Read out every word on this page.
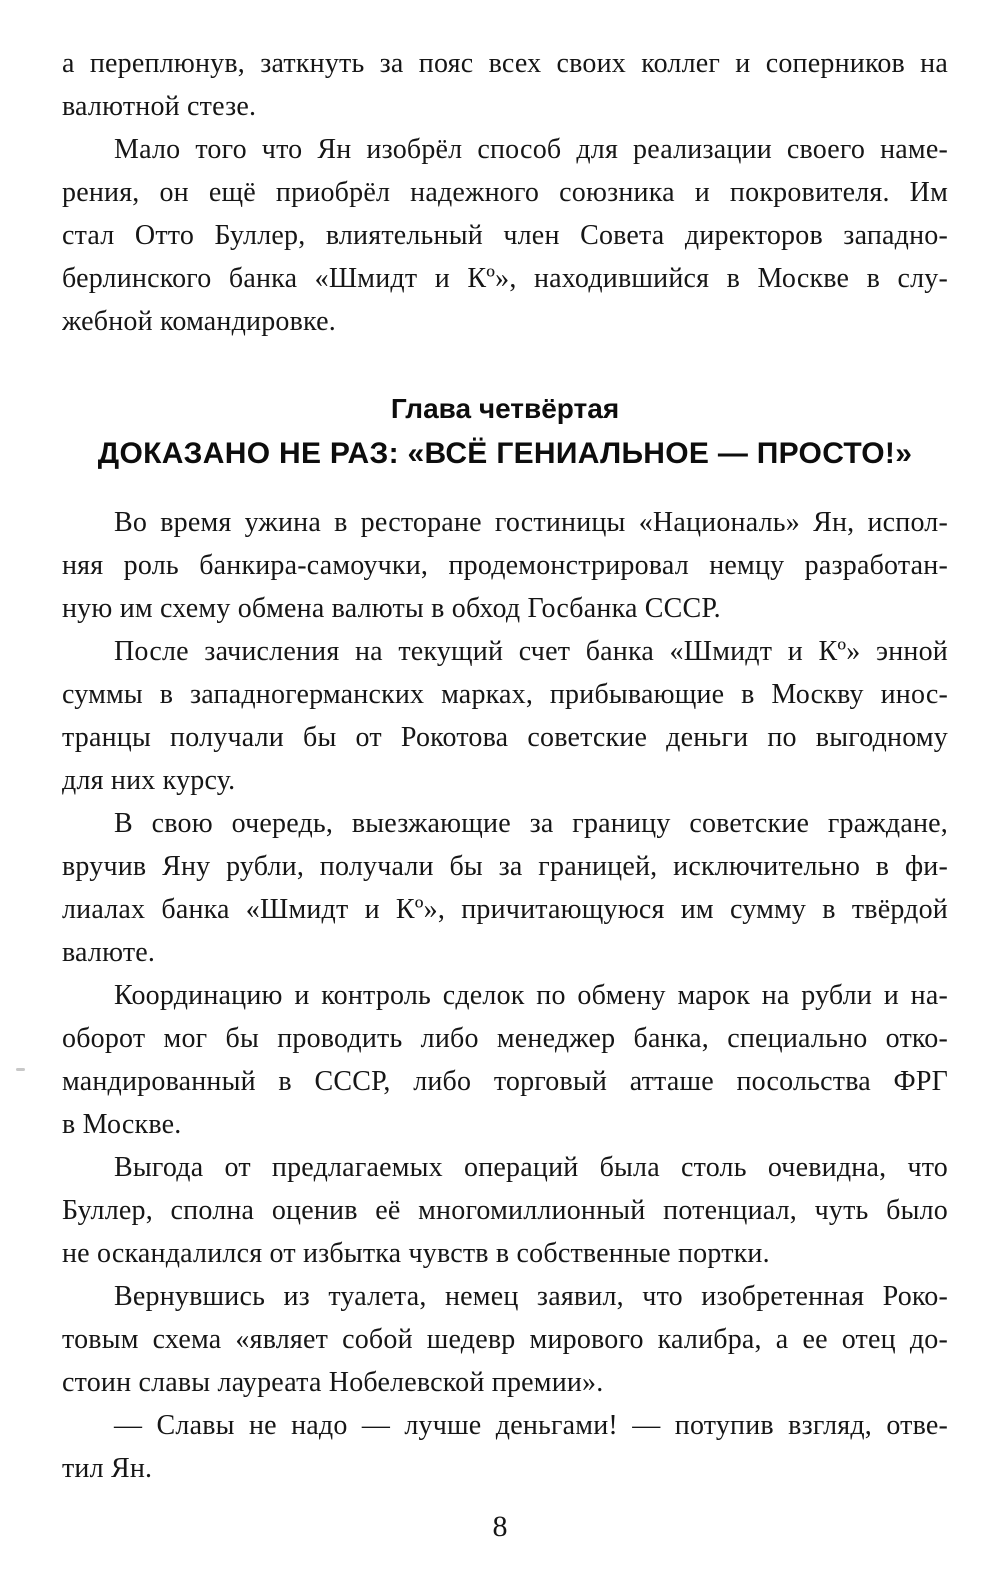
а переплюнув, заткнуть за пояс всех своих коллег и соперников на
валютной стезе.
Мало того что Ян изобрёл способ для реализации своего наме-
рения, он ещё приобрёл надежного союзника и покровителя. Им
стал Отто Буллер, влиятельный член Совета директоров западно-
берлинского банка «Шмидт и Кº», находившийся в Москве в слу-
жебной командировке.
Глава четвёртая
ДОКАЗАНО НЕ РАЗ: «ВСЁ ГЕНИАЛЬНОЕ — ПРОСТО!»
Во время ужина в ресторане гостиницы «Националь» Ян, испол-
няя роль банкира-самоучки, продемонстрировал немцу разработан-
ную им схему обмена валюты в обход Госбанка СССР.
После зачисления на текущий счет банка «Шмидт и Кº» энной
суммы в западногерманских марках, прибывающие в Москву инос-
транцы получали бы от Рокотова советские деньги по выгодному
для них курсу.
В свою очередь, выезжающие за границу советские граждане,
вручив Яну рубли, получали бы за границей, исключительно в фи-
лиалах банка «Шмидт и Кº», причитающуюся им сумму в твёрдой
валюте.
Координацию и контроль сделок по обмену марок на рубли и на-
оборот мог бы проводить либо менеджер банка, специально отко-
мандированный в СССР, либо торговый атташе посольства ФРГ
в Москве.
Выгода от предлагаемых операций была столь очевидна, что
Буллер, сполна оценив её многомиллионный потенциал, чуть было
не оскандалился от избытка чувств в собственные портки.
Вернувшись из туалета, немец заявил, что изобретенная Роко-
товым схема «являет собой шедевр мирового калибра, а ее отец до-
стоин славы лауреата Нобелевской премии».
— Славы не надо — лучше деньгами! — потупив взгляд, отве-
тил Ян.
8
